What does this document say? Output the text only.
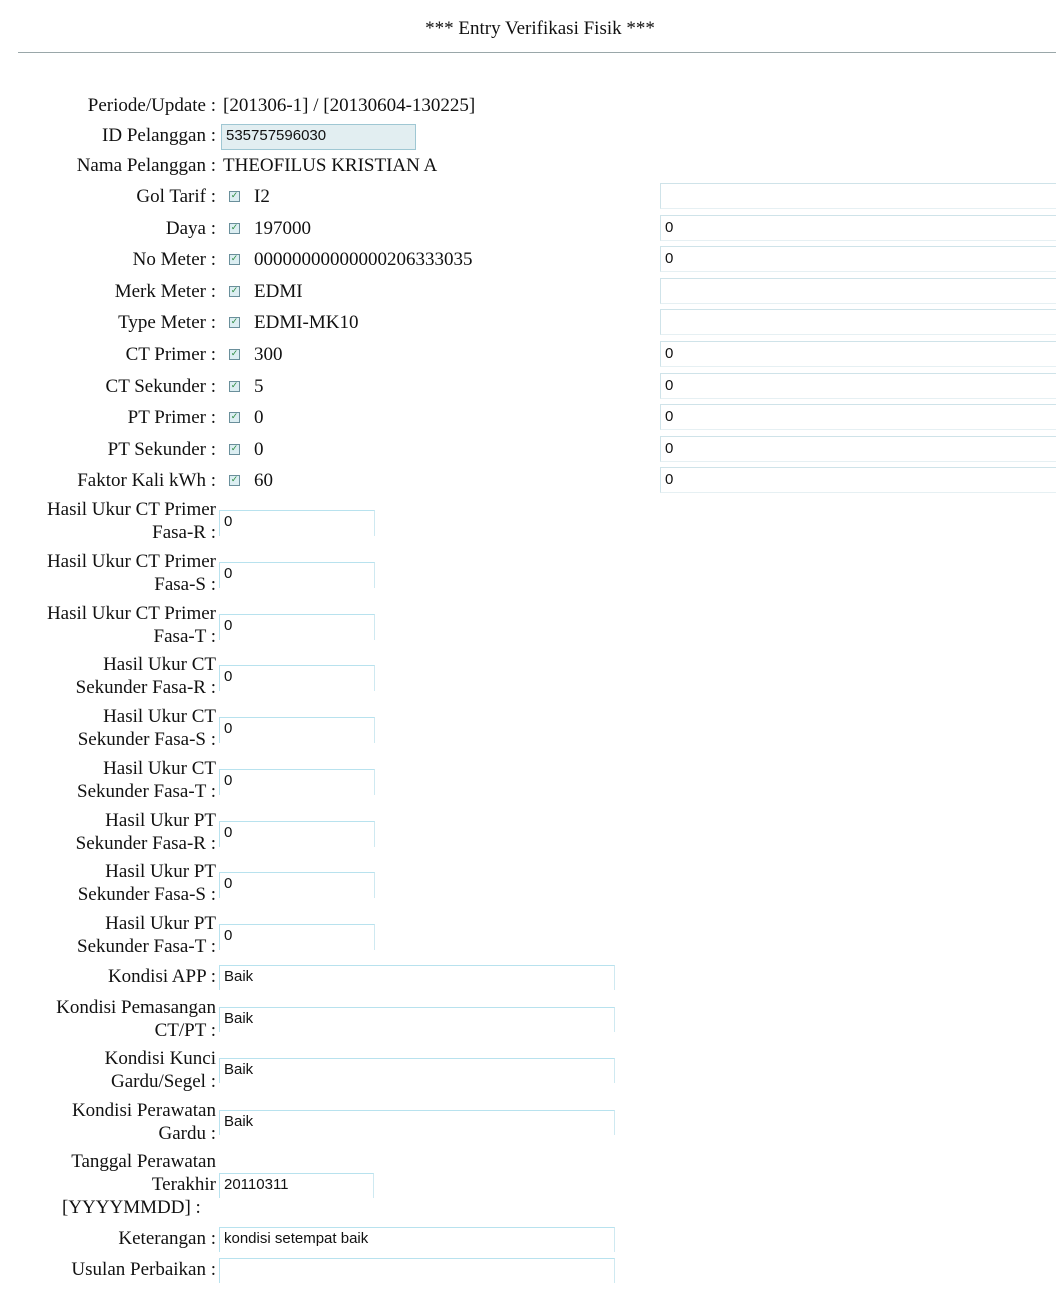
*** Entry Verifikasi Fisik ***
Periode/Update : [201306-1] / [20130604-130225]
ID Pelanggan : 535757596030
Nama Pelanggan : THEOFILUS KRISTIAN A
Gol Tarif : ✓ I2
Daya : ✓ 197000	0
No Meter : ✓ 00000000000000206333035	0
Merk Meter : ✓ EDMI
Type Meter : ✓ EDMI-MK10
CT Primer : ✓ 300	0
CT Sekunder : ✓ 5	0
PT Primer : ✓ 0	0
PT Sekunder : ✓ 0	0
Faktor Kali kWh : ✓ 60	0
Hasil Ukur CT Primer
Fasa-R :
0
Hasil Ukur CT Primer
Fasa-S :
0
Hasil Ukur CT Primer
Fasa-T :
0
Hasil Ukur CT
Sekunder Fasa-R :
0
Hasil Ukur CT
Sekunder Fasa-S :
0
Hasil Ukur CT
Sekunder Fasa-T :
0
Hasil Ukur PT
Sekunder Fasa-R :
0
Hasil Ukur PT
Sekunder Fasa-S :
0
Hasil Ukur PT
Sekunder Fasa-T :
0
Kondisi APP : Baik
Kondisi Pemasangan
CT/PT :
Baik
Kondisi Kunci
Gardu/Segel :
Baik
Kondisi Perawatan
Gardu :
Baik
Tanggal Perawatan
Terakhir
[YYYYMMDD] :
20110311
Keterangan : kondisi setempat baik
Usulan Perbaikan :
